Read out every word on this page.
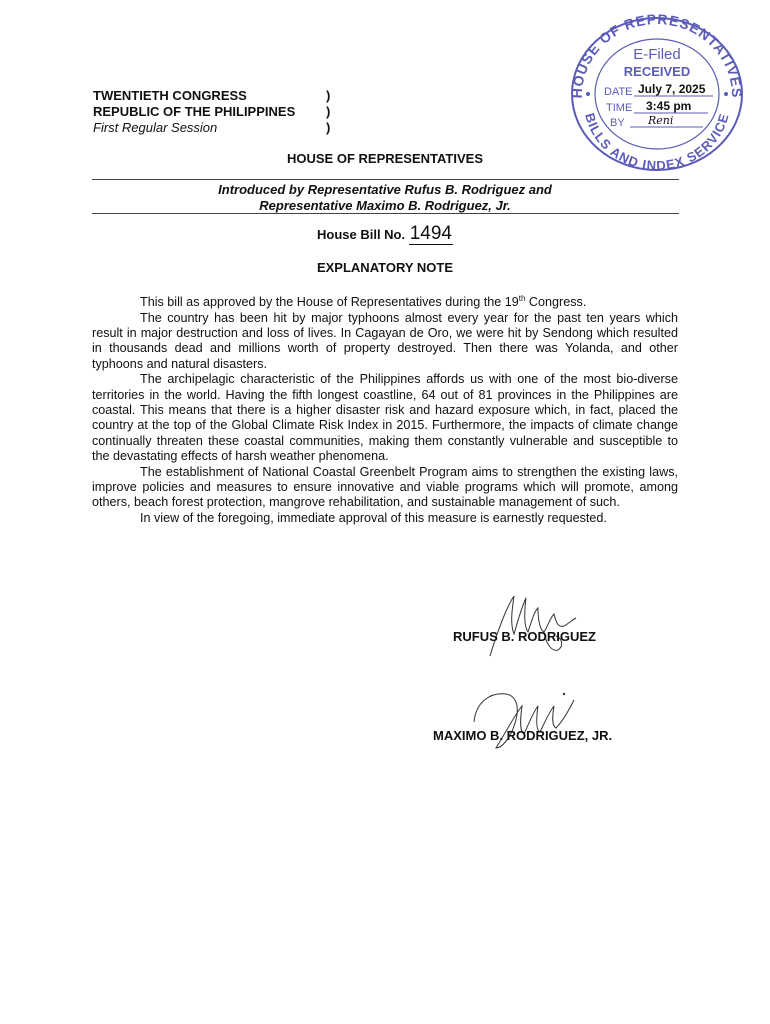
HOUSE OF REPRESENTATIVES
BILLS AND INDEX SERVICE
E-Filed
RECEIVED
DATE July 7, 2025
TIME 3:45 pm
BY Reni
TWENTIETH CONGRESS
REPUBLIC OF THE PHILIPPINES
First Regular Session
)
)
)
HOUSE OF REPRESENTATIVES
Introduced by Representative Rufus B. Rodriguez and
Representative Maximo B. Rodriguez, Jr.
House Bill No. 1494
EXPLANATORY NOTE

This bill as approved by the House of Representatives during the 19th Congress.

The country has been hit by major typhoons almost every year for the past ten years which result in major destruction and loss of lives. In Cagayan de Oro, we were hit by Sendong which resulted in thousands dead and millions worth of property destroyed. Then there was Yolanda, and other typhoons and natural disasters.

The archipelagic characteristic of the Philippines affords us with one of the most bio-diverse territories in the world. Having the fifth longest coastline, 64 out of 81 provinces in the Philippines are coastal. This means that there is a higher disaster risk and hazard exposure which, in fact, placed the country at the top of the Global Climate Risk Index in 2015. Furthermore, the impacts of climate change continually threaten these coastal communities, making them constantly vulnerable and susceptible to the devastating effects of harsh weather phenomena.

The establishment of National Coastal Greenbelt Program aims to strengthen the existing laws, improve policies and measures to ensure innovative and viable programs which will promote, among others, beach forest protection, mangrove rehabilitation, and sustainable management of such.

In view of the foregoing, immediate approval of this measure is earnestly requested.

RUFUS B. RODRIGUEZ
MAXIMO B. RODRIGUEZ, JR.
